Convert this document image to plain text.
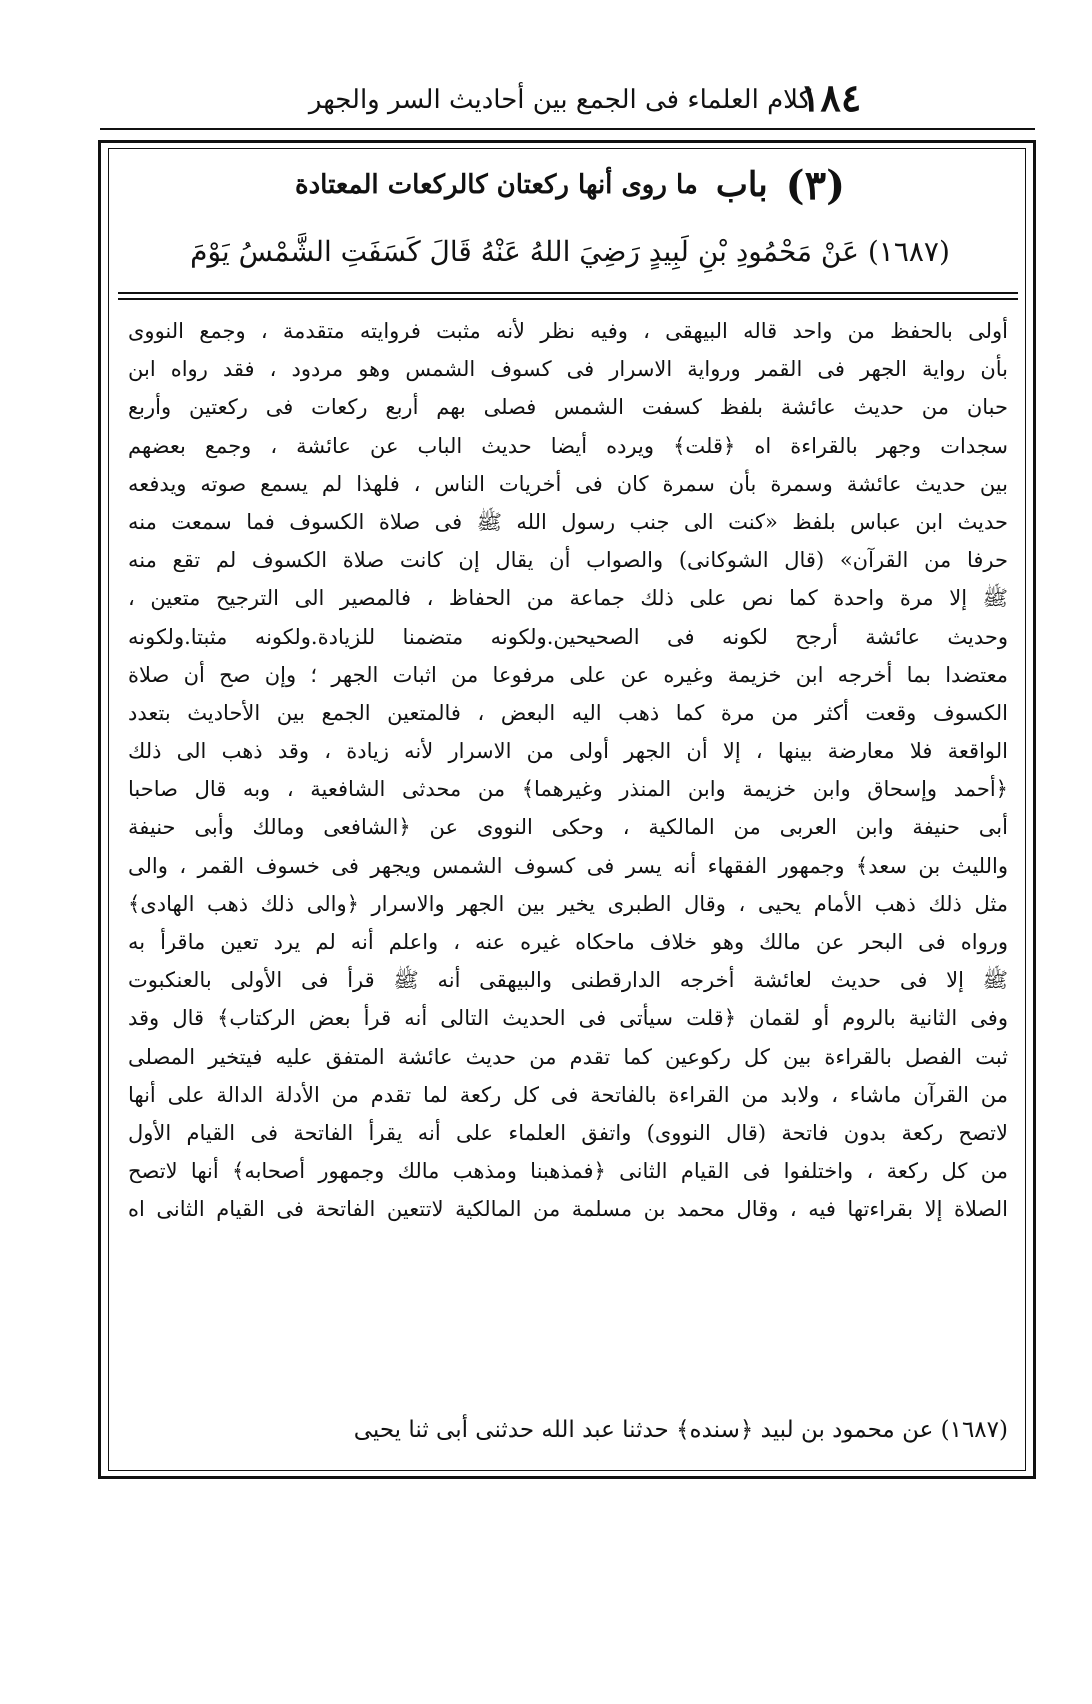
١٨٤
كلام العلماء فى الجمع بين أحاديث السر والجهر
(٣)
باب
ما روى أنها ركعتان كالركعات المعتادة
(١٦٨٧) عَنْ مَحْمُودِ بْنِ لَبِيدٍ رَضِيَ اللهُ عَنْهُ قَالَ كَسَفَتِ الشَّمْسُ يَوْمَ
أولى بالحفظ من واحد قاله البيهقى ، وفيه نظر لأنه مثبت فروايته متقدمة ، وجمع النووى
بأن رواية الجهر فى القمر ورواية الاسرار فى كسوف الشمس وهو مردود ، فقد رواه ابن
حبان من حديث عائشة بلفظ كسفت الشمس فصلى بهم أربع ركعات فى ركعتين وأربع
سجدات وجهر بالقراءة اه ﴿قلت﴾ ويرده أيضا حديث الباب عن عائشة ، وجمع بعضهم
بين حديث عائشة وسمرة بأن سمرة كان فى أخريات الناس ، فلهذا لم يسمع صوته ويدفعه
حديث ابن عباس بلفظ «كنت الى جنب رسول الله ﷺ فى صلاة الكسوف فما سمعت منه
حرفا من القرآن» (قال الشوكانى) والصواب أن يقال إن كانت صلاة الكسوف لم تقع منه
ﷺ إلا مرة واحدة كما نص على ذلك جماعة من الحفاظ ، فالمصير الى الترجيح متعين ،
وحديث عائشة أرجح لكونه فى الصحيحين.ولكونه متضمنا للزيادة.ولكونه مثبتا.ولكونه
معتضدا بما أخرجه ابن خزيمة وغيره عن على مرفوعا من اثبات الجهر ؛ وإن صح أن صلاة
الكسوف وقعت أكثر من مرة كما ذهب اليه البعض ، فالمتعين الجمع بين الأحاديث بتعدد
الواقعة فلا معارضة بينها ، إلا أن الجهر أولى من الاسرار لأنه زيادة ، وقد ذهب الى ذلك
﴿أحمد وإسحاق وابن خزيمة وابن المنذر وغيرهما﴾ من محدثى الشافعية ، وبه قال صاحبا
أبى حنيفة وابن العربى من المالكية ، وحكى النووى عن ﴿الشافعى ومالك وأبى حنيفة
والليث بن سعد﴾ وجمهور الفقهاء أنه يسر فى كسوف الشمس ويجهر فى خسوف القمر ، والى
مثل ذلك ذهب الأمام يحيى ، وقال الطبرى يخير بين الجهر والاسرار ﴿والى ذلك ذهب الهادى﴾
ورواه فى البحر عن مالك وهو خلاف ماحكاه غيره عنه ، واعلم أنه لم يرد تعين ماقرأ به
ﷺ إلا فى حديث لعائشة أخرجه الدارقطنى والبيهقى أنه ﷺ قرأ فى الأولى بالعنكبوت
وفى الثانية بالروم أو لقمان ﴿قلت سيأتى فى الحديث التالى أنه قرأ بعض الركتاب﴾ قال وقد
ثبت الفصل بالقراءة بين كل ركوعين كما تقدم من حديث عائشة المتفق عليه فيتخير المصلى
من القرآن ماشاء ، ولابد من القراءة بالفاتحة فى كل ركعة لما تقدم من الأدلة الدالة على أنها
لاتصح ركعة بدون فاتحة (قال النووى) واتفق العلماء على أنه يقرأ الفاتحة فى القيام الأول
من كل ركعة ، واختلفوا فى القيام الثانى ﴿فمذهبنا ومذهب مالك وجمهور أصحابه﴾ أنها لاتصح
الصلاة إلا بقراءتها فيه ، وقال محمد بن مسلمة من المالكية لاتتعين الفاتحة فى القيام الثانى اه
(١٦٨٧) عن محمود بن لبيد ﴿سنده﴾ حدثنا عبد الله حدثنى أبى ثنا يحيى
